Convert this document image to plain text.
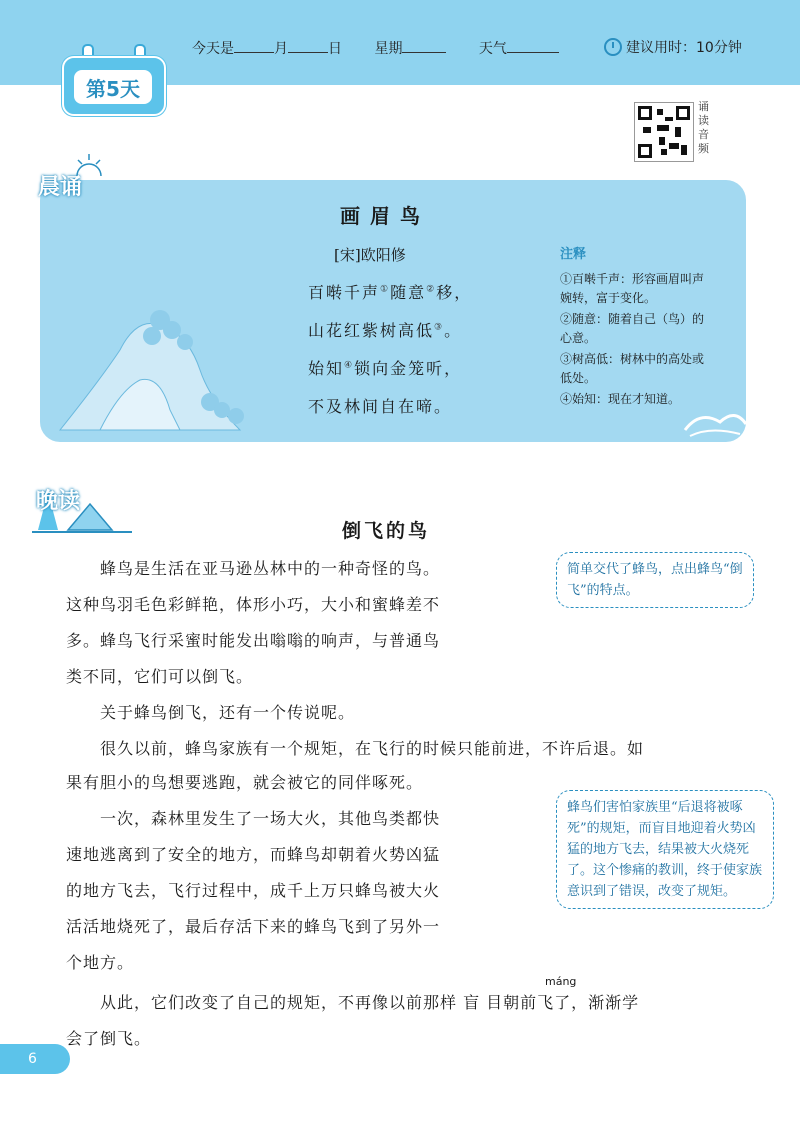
第5天
今天是	月	日 星期	天气	建议用时：10分钟
诵读音频
晨诵
画眉鸟
[宋]欧阳修
百啭千声①随意②移，
山花红紫树高低③。
始知④锁向金笼听，
不及林间自在啼。
注释
①百啭千声：形容画眉叫声婉转，富于变化。
②随意：随着自己（鸟）的心意。
③树高低：树林中的高处或低处。
④始知：现在才知道。
晚读
倒飞的鸟
　　蜂鸟是生活在亚马逊丛林中的一种奇怪的鸟。
这种鸟羽毛色彩鲜艳，体形小巧，大小和蜜蜂差不
多。蜂鸟飞行采蜜时能发出嗡嗡的响声，与普通鸟
类不同，它们可以倒飞。
　　关于蜂鸟倒飞，还有一个传说呢。
　　很久以前，蜂鸟家族有一个规矩，在飞行的时候只能前进，不许后退。如
果有胆小的鸟想要逃跑，就会被它的同伴啄死。
　　一次，森林里发生了一场大火，其他鸟类都快
速地逃离到了安全的地方，而蜂鸟却朝着火势凶猛
的地方飞去，飞行过程中，成千上万只蜂鸟被大火
活活地烧死了，最后存活下来的蜂鸟飞到了另外一
个地方。
máng
　　从此，它们改变了自己的规矩，不再像以前那样 盲 目朝前飞了，渐渐学
会了倒飞。
简单交代了蜂鸟，点出蜂鸟“倒飞”的特点。
蜂鸟们害怕家族里“后退将被啄死”的规矩，而盲目地迎着火势凶猛的地方飞去，结果被大火烧死了。这个惨痛的教训，终于使家族意识到了错误，改变了规矩。
6
